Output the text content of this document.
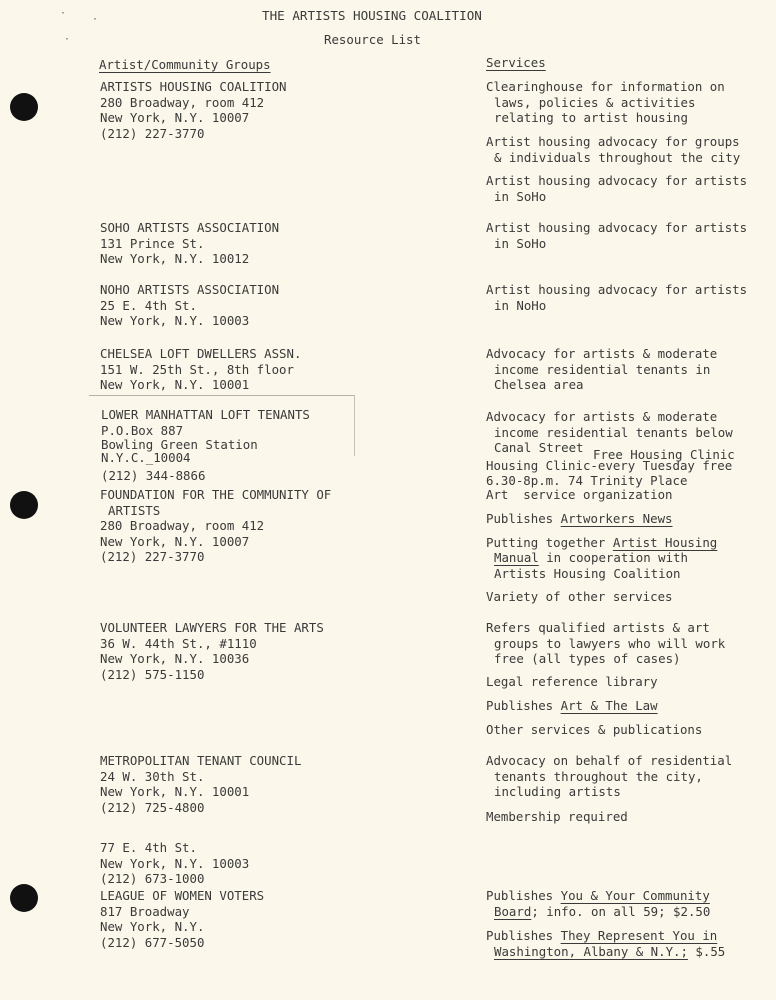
·
·
·
THE ARTISTS HOUSING COALITION
Resource List
Artist/Community Groups	Services
ARTISTS HOUSING COALITION
280 Broadway, room 412
New York, N.Y. 10007
(212) 227-3770
Clearinghouse for information on
laws, policies & activities
relating to artist housing
Artist housing advocacy for groups
& individuals throughout the city
Artist housing advocacy for artists
in SoHo
SOHO ARTISTS ASSOCIATION
131 Prince St.
New York, N.Y. 10012
Artist housing advocacy for artists
in SoHo
NOHO ARTISTS ASSOCIATION
25 E. 4th St.
New York, N.Y. 10003
Artist housing advocacy for artists
in NoHo
CHELSEA LOFT DWELLERS ASSN.
151 W. 25th St., 8th floor
New York, N.Y. 10001
Advocacy for artists & moderate
income residential tenants in
Chelsea area
LOWER MANHATTAN LOFT TENANTS
P.O.Box 887
Bowling Green Station
N.Y.C._10004
(212) 344-8866
Advocacy for artists & moderate
income residential tenants below
Canal Street Free Housing Clinic
Housing Clinic-every Tuesday free
6.30-8p.m. 74 Trinity Place
FOUNDATION FOR THE COMMUNITY OF
ARTISTS
280 Broadway, room 412
New York, N.Y. 10007
(212) 227-3770
Art  service organization
Publishes Artworkers News
Putting together Artist Housing
Manual in cooperation with
Artists Housing Coalition
Variety of other services
VOLUNTEER LAWYERS FOR THE ARTS
36 W. 44th St., #1110
New York, N.Y. 10036
(212) 575-1150
Refers qualified artists & art
groups to lawyers who will work
free (all types of cases)
Legal reference library
Publishes Art & The Law
Other services & publications
METROPOLITAN TENANT COUNCIL
24 W. 30th St.
New York, N.Y. 10001
(212) 725-4800
77 E. 4th St.
New York, N.Y. 10003
(212) 673-1000
Advocacy on behalf of residential
tenants throughout the city,
including artists
Membership required
LEAGUE OF WOMEN VOTERS
817 Broadway
New York, N.Y.
(212) 677-5050
Publishes You & Your Community
Board; info. on all 59; $2.50
Publishes They Represent You in
Washington, Albany & N.Y.; $.55
